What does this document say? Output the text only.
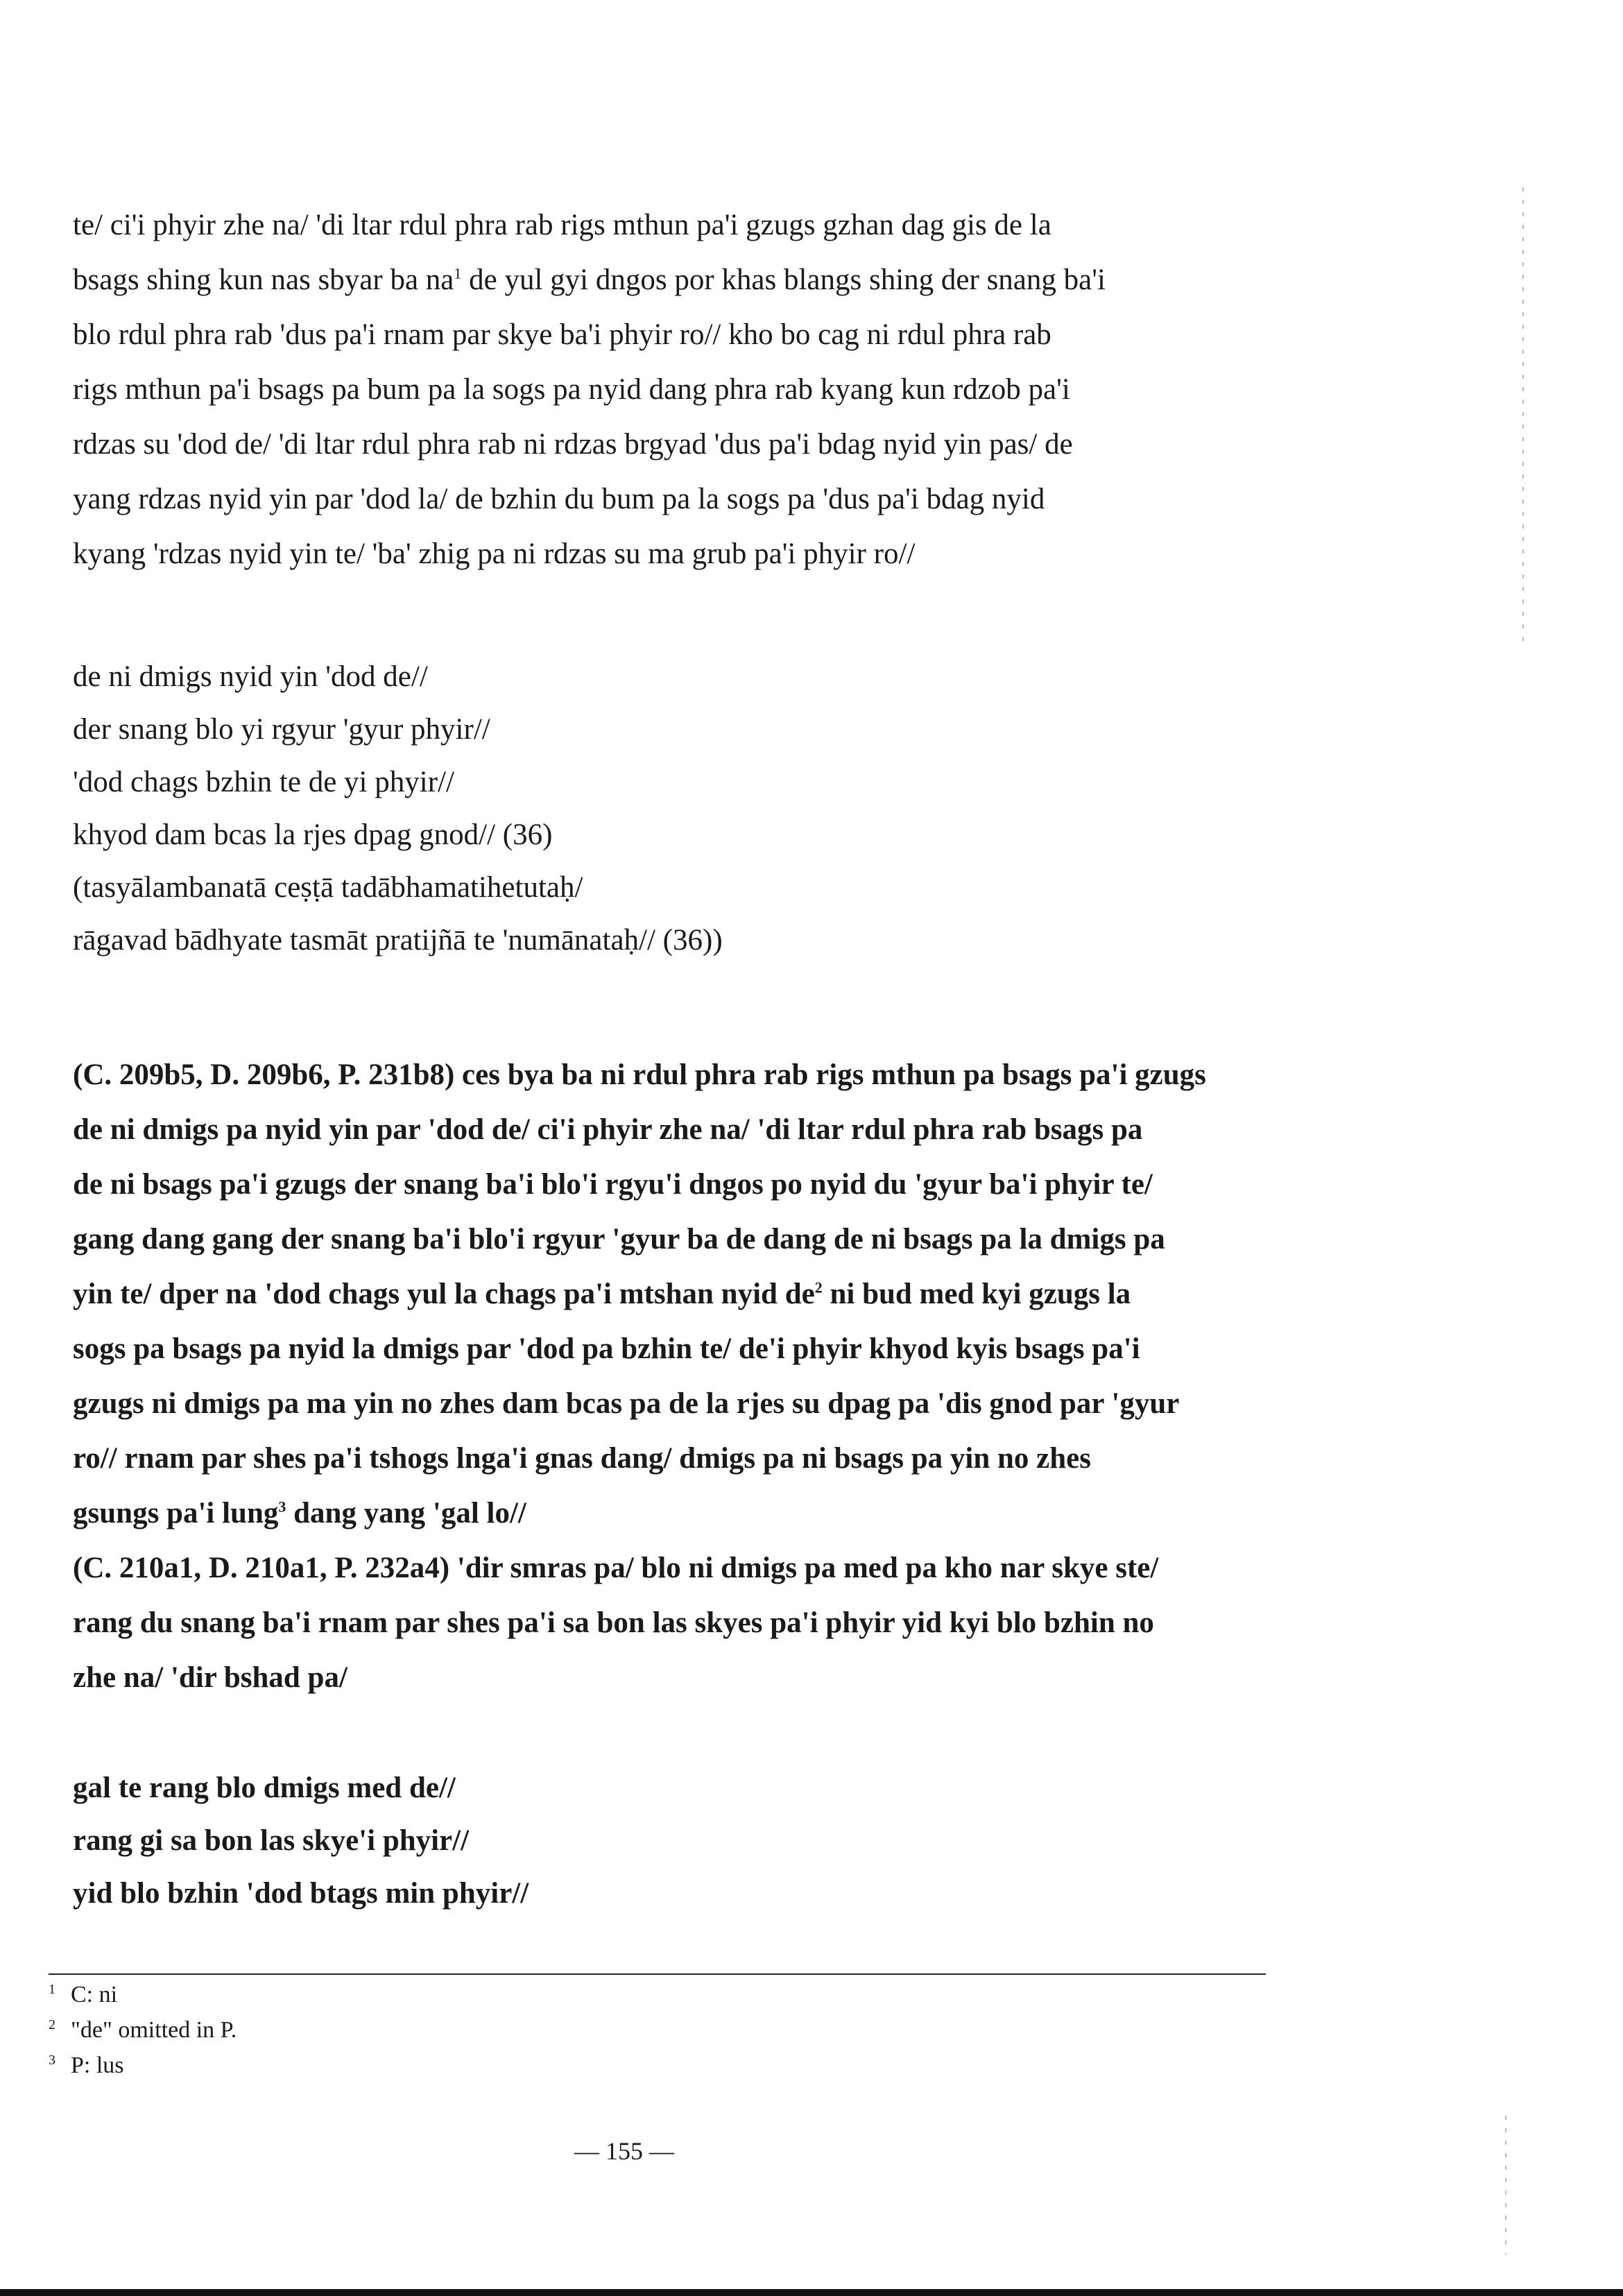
te/ ci'i phyir zhe na/ 'di ltar rdul phra rab rigs mthun pa'i gzugs gzhan dag gis de la

bsags shing kun nas sbyar ba $na^1$ de yul gyi dngos por khas blangs shing der snang ba'i

blo rdul phra rab 'dus pa'i rnam par skye ba'i phyir ro// kho bo cag ni rdul phra rab

rigs mthun pa'i bsags pa bum pa la sogs pa nyid dang phra rab kyang kun rdzob pa'i

rdzas su 'dod de/ 'di ltar rdul phra rab ni rdzas brgyad 'dus pa'i bdag nyid yin pas/ de

yang rdzas nyid yin par 'dod la/ de bzhin du bum pa la sogs pa 'dus pa'i bdag nyid

kyang 'rdzas nyid yin te/ 'ba' zhig pa ni rdzas su ma grub pa'i phyir ro//

de ni dmigs nyid yin 'dod de//

der snang blo yi rgyur 'gyur phyir//

'dod chags bzhin te de yi phyir//

khyod dam bcas la rjes dpag gnod// (36)

(tasyālambanatā ceṣṭā tadābhamatihetutaḥ/

rāgavad bādhyate tasmāt pratijñā te 'numānataḥ// (36))

(C. 209b5, D. 209b6, P. 231b8) ces bya ba ni rdul phra rab rigs mthun pa bsags pa'i gzugs

de ni dmigs pa nyid yin par 'dod de/ ci'i phyir zhe na/ 'di ltar rdul phra rab bsags pa

de ni bsags pa'i gzugs der snang ba'i blo'i rgyu'i dngos po nyid du 'gyur ba'i phyir te/

gang dang gang der snang ba'i blo'i rgyur 'gyur ba de dang de ni bsags pa la dmigs pa

yin te/ dper na 'dod chags yul la chags pa'i mtshan nyid $de^2$ ni bud med kyi gzugs la

sogs pa bsags pa nyid la dmigs par 'dod pa bzhin te/ de'i phyir khyod kyis bsags pa'i

gzugs ni dmigs pa ma yin no zhes dam bcas pa de la rjes su dpag pa 'dis gnod par 'gyur

ro// rnam par shes pa'i tshogs lnga'i gnas dang/ dmigs pa ni bsags pa yin no zhes

gsungs pa'i lung$^3$ dang yang 'gal lo//

(C. 210a1, D. 210a1, P. 232a4) 'dir smras pa/ blo ni dmigs pa med pa kho nar skye ste/

rang du snang ba'i rnam par shes pa'i sa bon las skyes pa'i phyir yid kyi blo bzhin no

zhe na/ 'dir bshad pa/

gal te rang blo dmigs med de//

rang gi sa bon las skye'i phyir//

yid blo bzhin 'dod btags min phyir//

1 C: ni

2 "de" omitted in P.

3 P: lus

— 155 —
